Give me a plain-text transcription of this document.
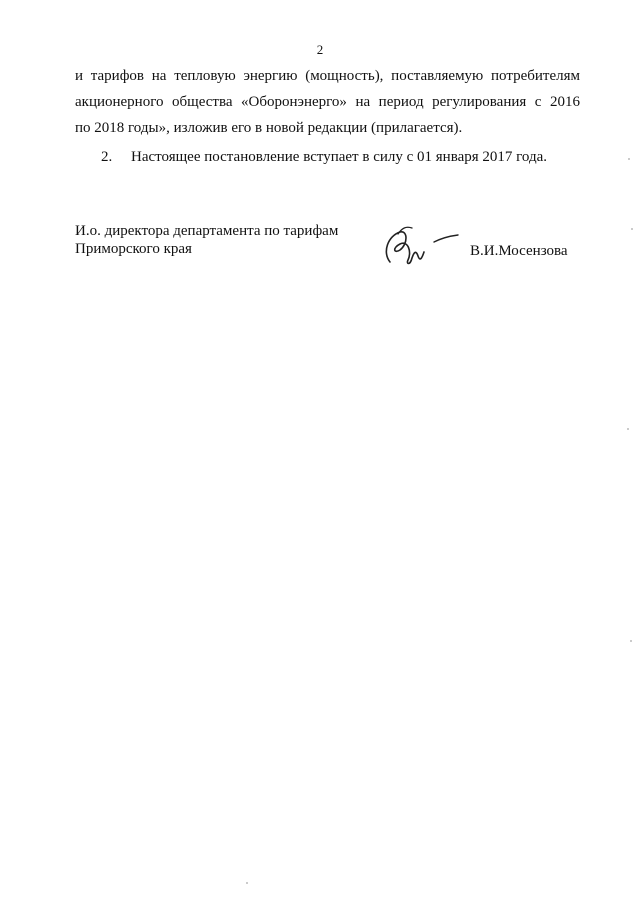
2
и тарифов на тепловую энергию (мощность), поставляемую потребителям
акционерного общества «Оборонэнерго» на период регулирования с 2016
по 2018 годы», изложив его в новой редакции (прилагается).
2. Настоящее постановление вступает в силу с 01 января 2017 года.
И.о. директора департамента по тарифам
Приморского края	В.И.Мосензова
